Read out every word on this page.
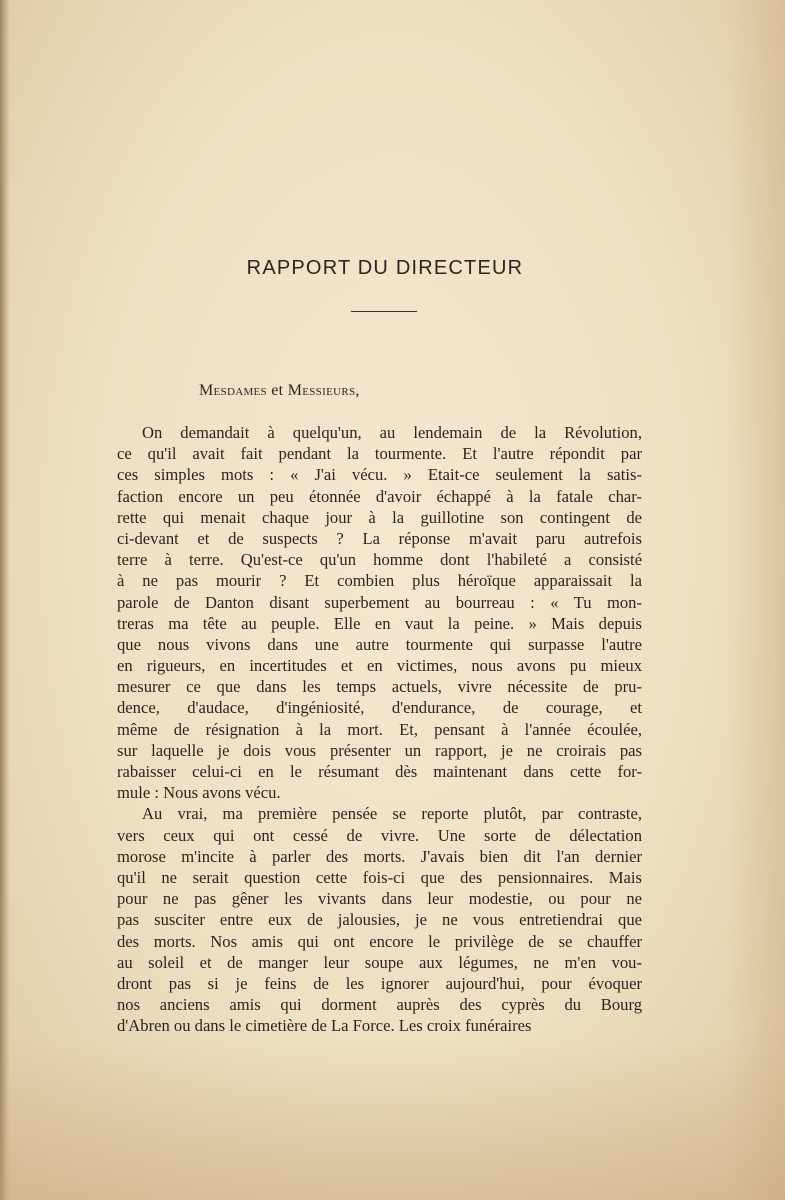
RAPPORT DU DIRECTEUR
Mesdames et Messieurs,
On demandait à quelqu'un, au lendemain de la Révolution,
ce qu'il avait fait pendant la tourmente. Et l'autre répondit par
ces simples mots : « J'ai vécu. » Etait-ce seulement la satis-
faction encore un peu étonnée d'avoir échappé à la fatale char-
rette qui menait chaque jour à la guillotine son contingent de
ci-devant et de suspects ? La réponse m'avait paru autrefois
terre à terre. Qu'est-ce qu'un homme dont l'habileté a consisté
à ne pas mourir ? Et combien plus héroïque apparaissait la
parole de Danton disant superbement au bourreau : « Tu mon-
treras ma tête au peuple. Elle en vaut la peine. » Mais depuis
que nous vivons dans une autre tourmente qui surpasse l'autre
en rigueurs, en incertitudes et en victimes, nous avons pu mieux
mesurer ce que dans les temps actuels, vivre nécessite de pru-
dence, d'audace, d'ingéniosité, d'endurance, de courage, et
même de résignation à la mort. Et, pensant à l'année écoulée,
sur laquelle je dois vous présenter un rapport, je ne croirais pas
rabaisser celui-ci en le résumant dès maintenant dans cette for-
mule : Nous avons vécu.
Au vrai, ma première pensée se reporte plutôt, par contraste,
vers ceux qui ont cessé de vivre. Une sorte de délectation
morose m'incite à parler des morts. J'avais bien dit l'an dernier
qu'il ne serait question cette fois-ci que des pensionnaires. Mais
pour ne pas gêner les vivants dans leur modestie, ou pour ne
pas susciter entre eux de jalousies, je ne vous entretiendrai que
des morts. Nos amis qui ont encore le privilège de se chauffer
au soleil et de manger leur soupe aux légumes, ne m'en vou-
dront pas si je feins de les ignorer aujourd'hui, pour évoquer
nos anciens amis qui dorment auprès des cyprès du Bourg
d'Abren ou dans le cimetière de La Force. Les croix funéraires
